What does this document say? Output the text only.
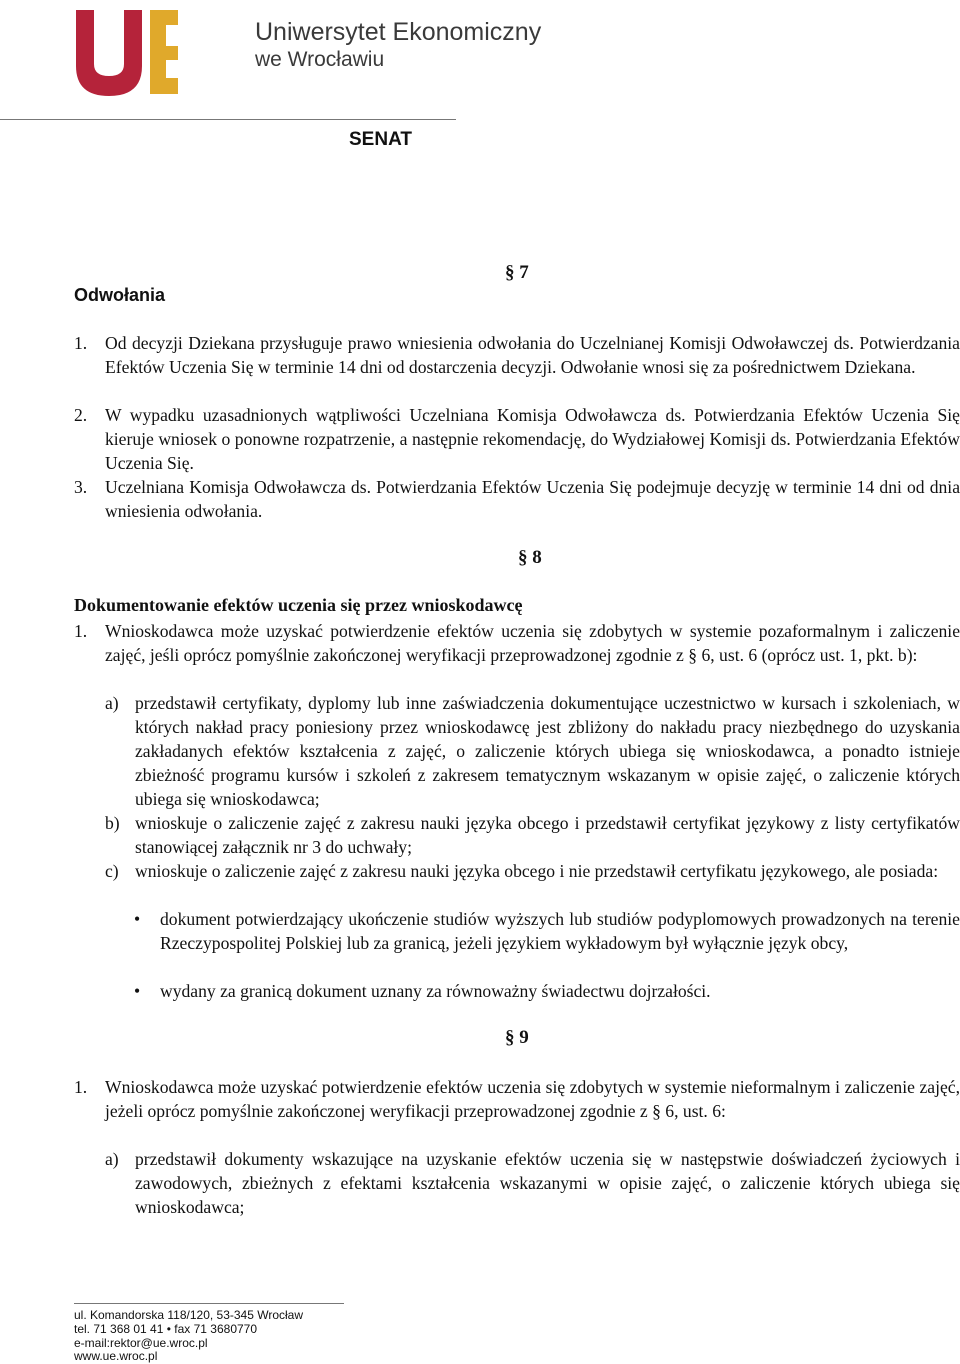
Uniwersytet Ekonomiczny
we Wrocławiu
SENAT
§ 7
Odwołania
1. Od decyzji Dziekana przysługuje prawo wniesienia odwołania do Uczelnianej Komisji Odwoławczej ds. Potwierdzania Efektów Uczenia Się w terminie 14 dni od dostarczenia decyzji. Odwołanie wnosi się za pośrednictwem Dziekana.
2. W wypadku uzasadnionych wątpliwości Uczelniana Komisja Odwoławcza ds. Potwierdzania Efektów Uczenia Się kieruje wniosek o ponowne rozpatrzenie, a następnie rekomendację, do Wydziałowej Komisji ds. Potwierdzania Efektów Uczenia Się.
3. Uczelniana Komisja Odwoławcza ds. Potwierdzania Efektów Uczenia Się podejmuje decyzję w terminie 14 dni od dnia wniesienia odwołania.
§ 8
Dokumentowanie efektów uczenia się przez wnioskodawcę
1. Wnioskodawca może uzyskać potwierdzenie efektów uczenia się zdobytych w systemie pozaformalnym i zaliczenie zajęć, jeśli oprócz pomyślnie zakończonej weryfikacji przeprowadzonej zgodnie z § 6, ust. 6 (oprócz ust. 1, pkt. b):
a) przedstawił certyfikaty, dyplomy lub inne zaświadczenia dokumentujące uczestnictwo w kursach i szkoleniach, w których nakład pracy poniesiony przez wnioskodawcę jest zbliżony do nakładu pracy niezbędnego do uzyskania zakładanych efektów kształcenia z zajęć, o zaliczenie których ubiega się wnioskodawca, a ponadto istnieje zbieżność programu kursów i szkoleń z zakresem tematycznym wskazanym w opisie zajęć, o zaliczenie których ubiega się wnioskodawca;
b) wnioskuje o zaliczenie zajęć z zakresu nauki języka obcego i przedstawił certyfikat językowy z listy certyfikatów stanowiącej załącznik nr 3 do uchwały;
c) wnioskuje o zaliczenie zajęć z zakresu nauki języka obcego i nie przedstawił certyfikatu językowego, ale posiada:
• dokument potwierdzający ukończenie studiów wyższych lub studiów podyplomowych prowadzonych na terenie Rzeczypospolitej Polskiej lub za granicą, jeżeli językiem wykładowym był wyłącznie język obcy,
• wydany za granicą dokument uznany za równoważny świadectwu dojrzałości.
§ 9
1. Wnioskodawca może uzyskać potwierdzenie efektów uczenia się zdobytych w systemie nieformalnym i zaliczenie zajęć, jeżeli oprócz pomyślnie zakończonej weryfikacji przeprowadzonej zgodnie z § 6, ust. 6:
a) przedstawił dokumenty wskazujące na uzyskanie efektów uczenia się w następstwie doświadczeń życiowych i zawodowych, zbieżnych z efektami kształcenia wskazanymi w opisie zajęć, o zaliczenie których ubiega się wnioskodawca;
ul. Komandorska 118/120, 53-345 Wrocław
tel. 71 368 01 41 • fax 71 3680770
e-mail:rektor@ue.wroc.pl
www.ue.wroc.pl
